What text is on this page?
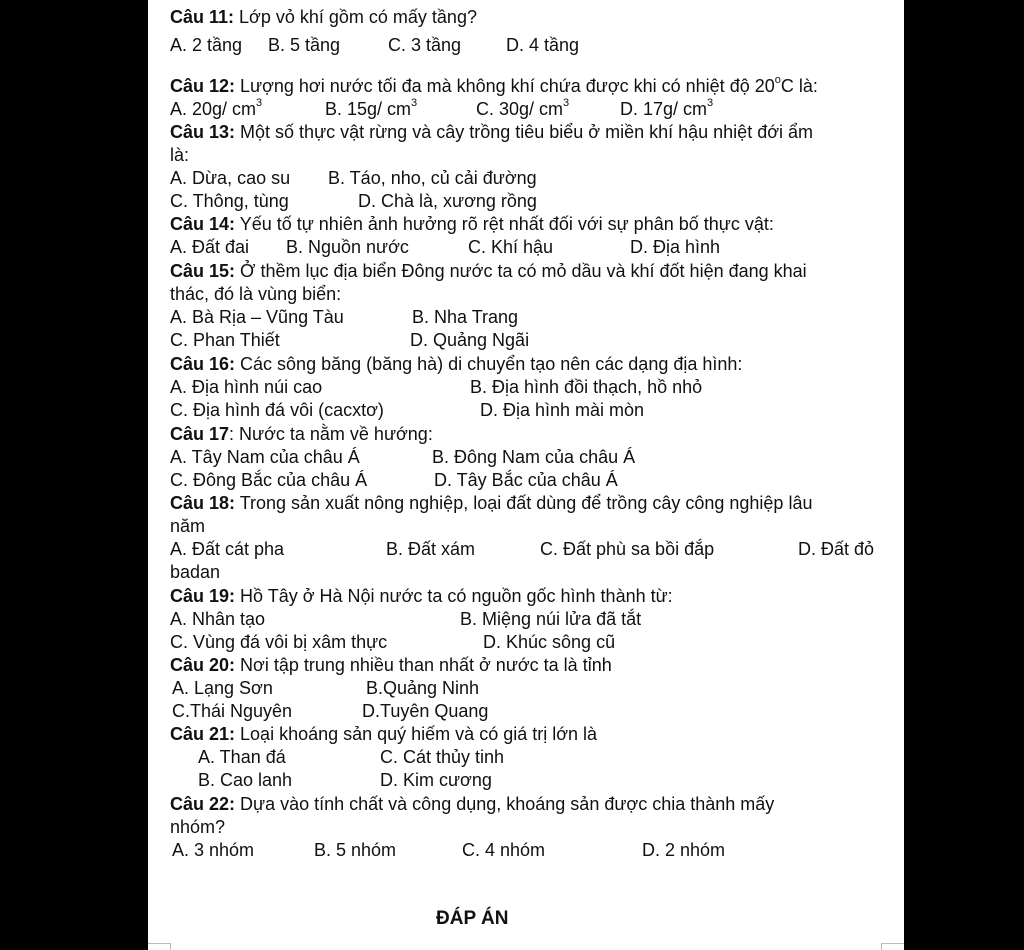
Câu 11: Lớp vỏ khí gồm có mấy tầng?
A. 2 tầng B. 5 tầng	C. 3 tầng D. 4 tầng
Câu 12: Lượng hơi nước tối đa mà không khí chứa được khi có nhiệt độ 20$^o$C là:
A. 20g/ $cm^3$	B. 15g/ $cm^3$	C. 30g/ $cm^3$	D. 17g/ $cm^3$
Câu 13: Một số thực vật rừng và cây trồng tiêu biểu ở miền khí hậu nhiệt đới ẩm
là:
A. Dừa, cao su B. Táo, nho, củ cải đường
C. Thông, tùng	D. Chà là, xương rồng
Câu 14: Yếu tố tự nhiên ảnh hưởng rõ rệt nhất đối với sự phân bố thực vật:
A. Đất đai B. Nguồn nước	C. Khí hậu	D. Địa hình
Câu 15: Ở thềm lục địa biển Đông nước ta có mỏ dầu và khí đốt hiện đang khai
thác, đó là vùng biển:
A. Bà Rịa – Vũng Tàu	B. Nha Trang
C. Phan Thiết	D. Quảng Ngãi
Câu 16: Các sông băng (băng hà) di chuyển tạo nên các dạng địa hình:
A. Địa hình núi cao	B. Địa hình đồi thạch, hồ nhỏ
C. Địa hình đá vôi (cacxtơ)	D. Địa hình mài mòn
Câu 17: Nước ta nằm về hướng:
A. Tây Nam của châu Á	B. Đông Nam của châu Á
C. Đông Bắc của châu Á	D. Tây Bắc của châu Á
Câu 18: Trong sản xuất nông nghiệp, loại đất dùng để trồng cây công nghiệp lâu
năm
A. Đất cát pha	B. Đất xám	C. Đất phù sa bồi đắp	D. Đất đỏ
badan
Câu 19: Hồ Tây ở Hà Nội nước ta có nguồn gốc hình thành từ:
A. Nhân tạo	B. Miệng núi lửa đã tắt
C. Vùng đá vôi bị xâm thực	D. Khúc sông cũ
Câu 20: Nơi tập trung nhiều than nhất ở nước ta là tỉnh
A. Lạng Sơn	B.Quảng Ninh
C.Thái Nguyên	D.Tuyên Quang
Câu 21: Loại khoáng sản quý hiếm và có giá trị lớn là
A. Than đá	C. Cát thủy tinh
B. Cao lanh	D. Kim cương
Câu 22: Dựa vào tính chất và công dụng, khoáng sản được chia thành mấy
nhóm?
A. 3 nhóm	B. 5 nhóm	C. 4 nhóm	D. 2 nhóm
ĐÁP ÁN
